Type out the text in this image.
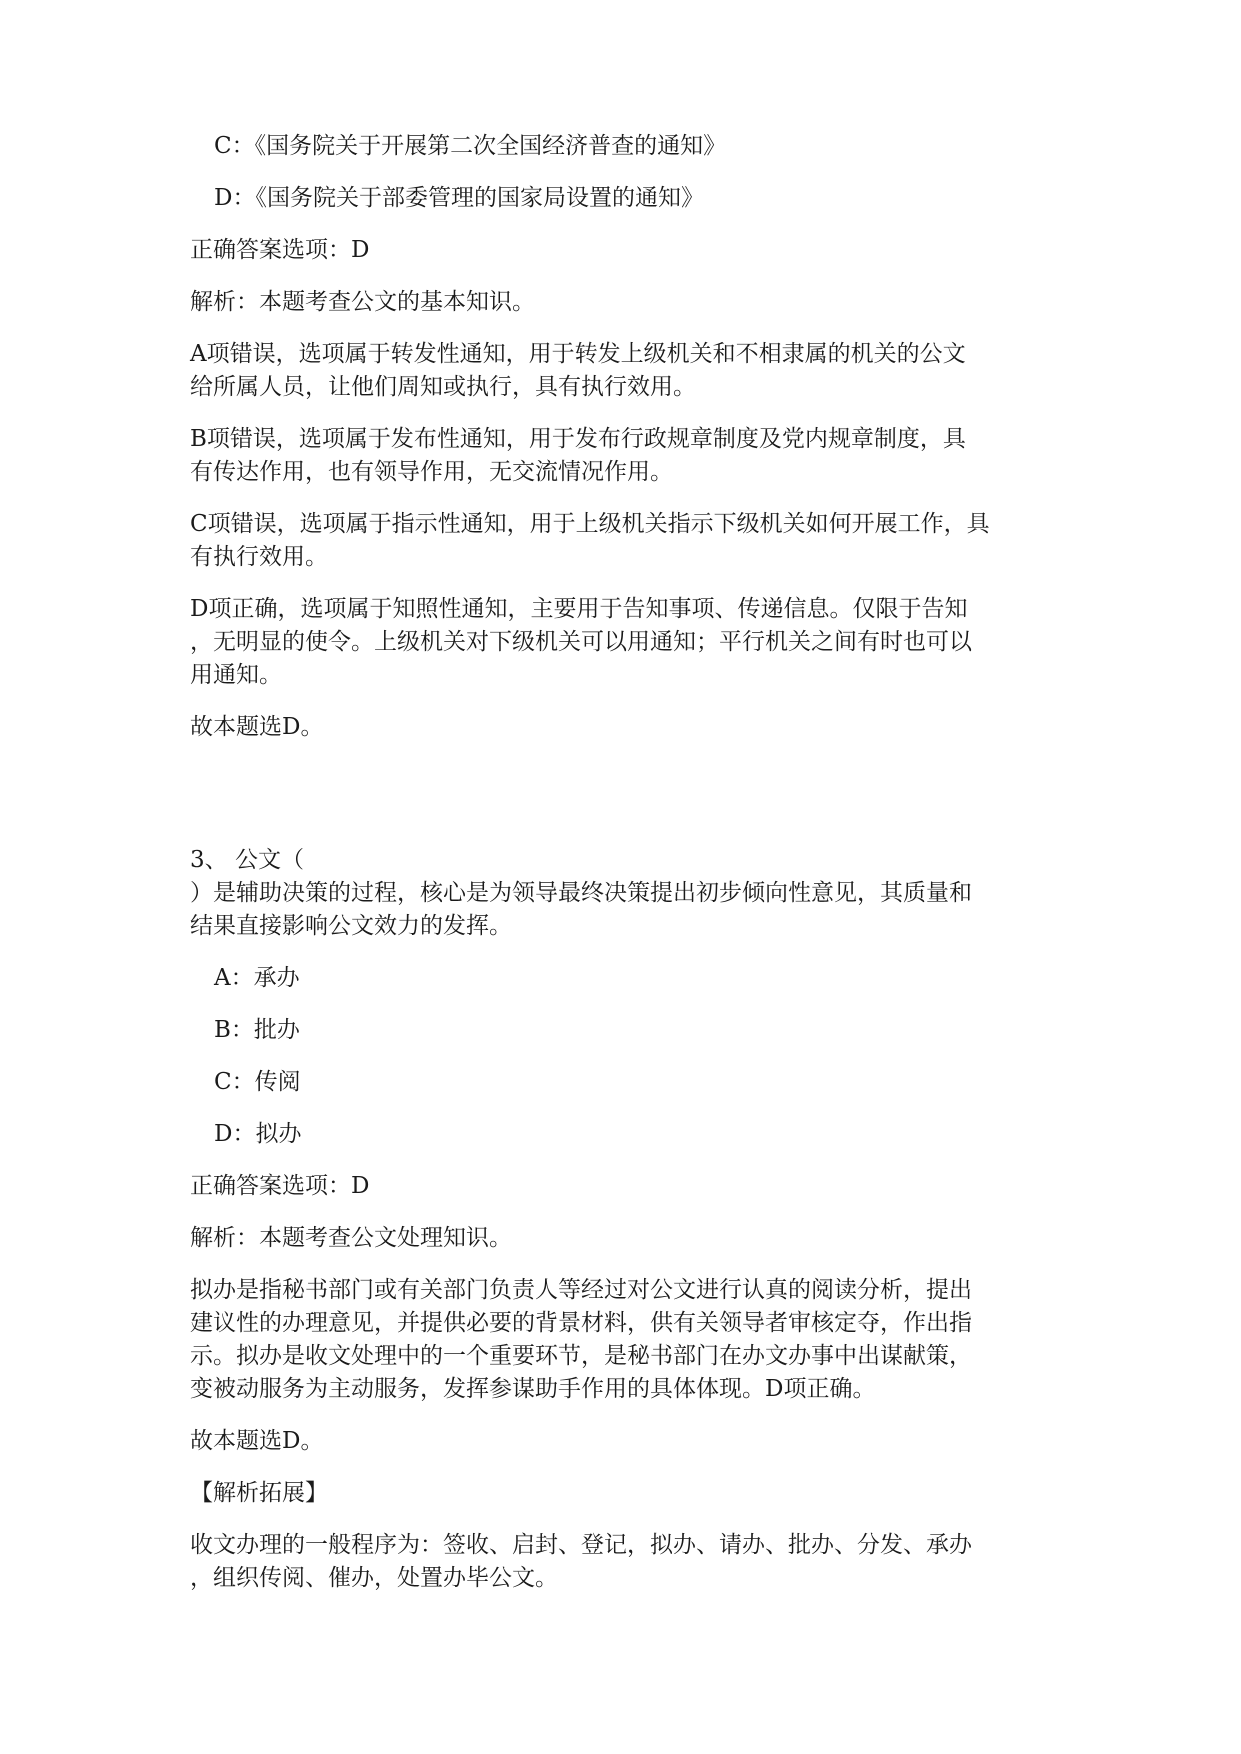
C：《国务院关于开展第二次全国经济普查的通知》

D：《国务院关于部委管理的国家局设置的通知》

正确答案选项：D

解析：本题考查公文的基本知识。

A项错误，选项属于转发性通知，用于转发上级机关和不相隶属的机关的公文

给所属人员，让他们周知或执行，具有执行效用。

B项错误，选项属于发布性通知，用于发布行政规章制度及党内规章制度，具

有传达作用，也有领导作用，无交流情况作用。

C项错误，选项属于指示性通知，用于上级机关指示下级机关如何开展工作，具

有执行效用。

D项正确，选项属于知照性通知，主要用于告知事项、传递信息。仅限于告知

，无明显的使令。上级机关对下级机关可以用通知；平行机关之间有时也可以

用通知。

故本题选D。

3、 公文（

）是辅助决策的过程，核心是为领导最终决策提出初步倾向性意见，其质量和

结果直接影响公文效力的发挥。

A：承办

B：批办

C：传阅

D：拟办

正确答案选项：D

解析：本题考查公文处理知识。

拟办是指秘书部门或有关部门负责人等经过对公文进行认真的阅读分析，提出

建议性的办理意见，并提供必要的背景材料，供有关领导者审核定夺，作出指

示。拟办是收文处理中的一个重要环节，是秘书部门在办文办事中出谋献策，

变被动服务为主动服务，发挥参谋助手作用的具体体现。D项正确。

故本题选D。

【解析拓展】

收文办理的一般程序为：签收、启封、登记，拟办、请办、批办、分发、承办

，组织传阅、催办，处置办毕公文。
